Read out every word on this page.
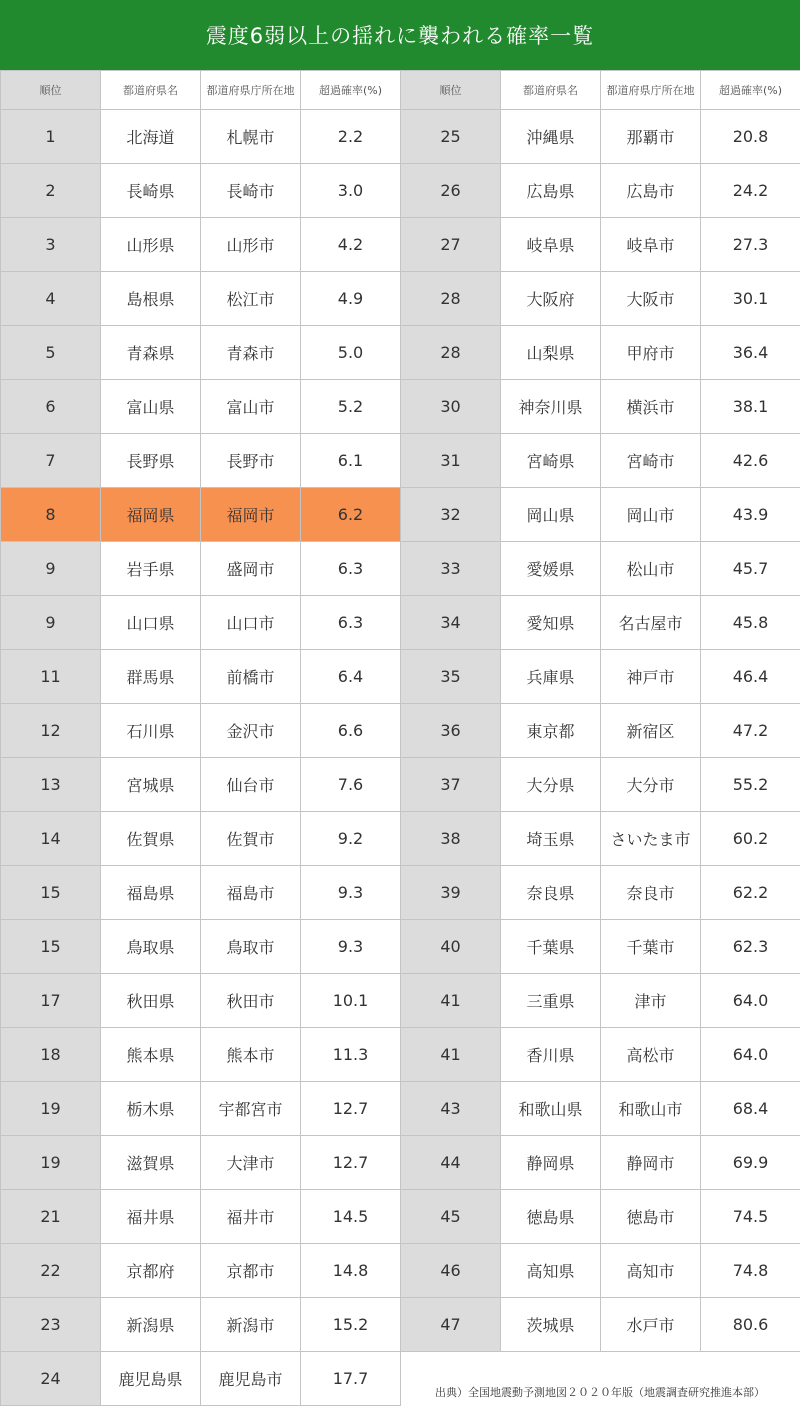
震度6弱以上の揺れに襲われる確率一覧
順位	都道府県名	都道府県庁所在地	超過確率(%)
1	北海道	札幌市	2.2
2	長崎県	長崎市	3.0
3	山形県	山形市	4.2
4	島根県	松江市	4.9
5	青森県	青森市	5.0
6	富山県	富山市	5.2
7	長野県	長野市	6.1
8	福岡県	福岡市	6.2
9	岩手県	盛岡市	6.3
9	山口県	山口市	6.3
11	群馬県	前橋市	6.4
12	石川県	金沢市	6.6
13	宮城県	仙台市	7.6
14	佐賀県	佐賀市	9.2
15	福島県	福島市	9.3
15	鳥取県	鳥取市	9.3
17	秋田県	秋田市	10.1
18	熊本県	熊本市	11.3
19	栃木県	宇都宮市	12.7
19	滋賀県	大津市	12.7
21	福井県	福井市	14.5
22	京都府	京都市	14.8
23	新潟県	新潟市	15.2
24	鹿児島県	鹿児島市	17.7
順位	都道府県名	都道府県庁所在地	超過確率(%)
25	沖縄県	那覇市	20.8
26	広島県	広島市	24.2
27	岐阜県	岐阜市	27.3
28	大阪府	大阪市	30.1
28	山梨県	甲府市	36.4
30	神奈川県	横浜市	38.1
31	宮崎県	宮崎市	42.6
32	岡山県	岡山市	43.9
33	愛媛県	松山市	45.7
34	愛知県	名古屋市	45.8
35	兵庫県	神戸市	46.4
36	東京都	新宿区	47.2
37	大分県	大分市	55.2
38	埼玉県	さいたま市	60.2
39	奈良県	奈良市	62.2
40	千葉県	千葉市	62.3
41	三重県	津市	64.0
41	香川県	高松市	64.0
43	和歌山県	和歌山市	68.4
44	静岡県	静岡市	69.9
45	徳島県	徳島市	74.5
46	高知県	高知市	74.8
47	茨城県	水戸市	80.6
出典）全国地震動予測地図２０２０年版（地震調査研究推進本部）
